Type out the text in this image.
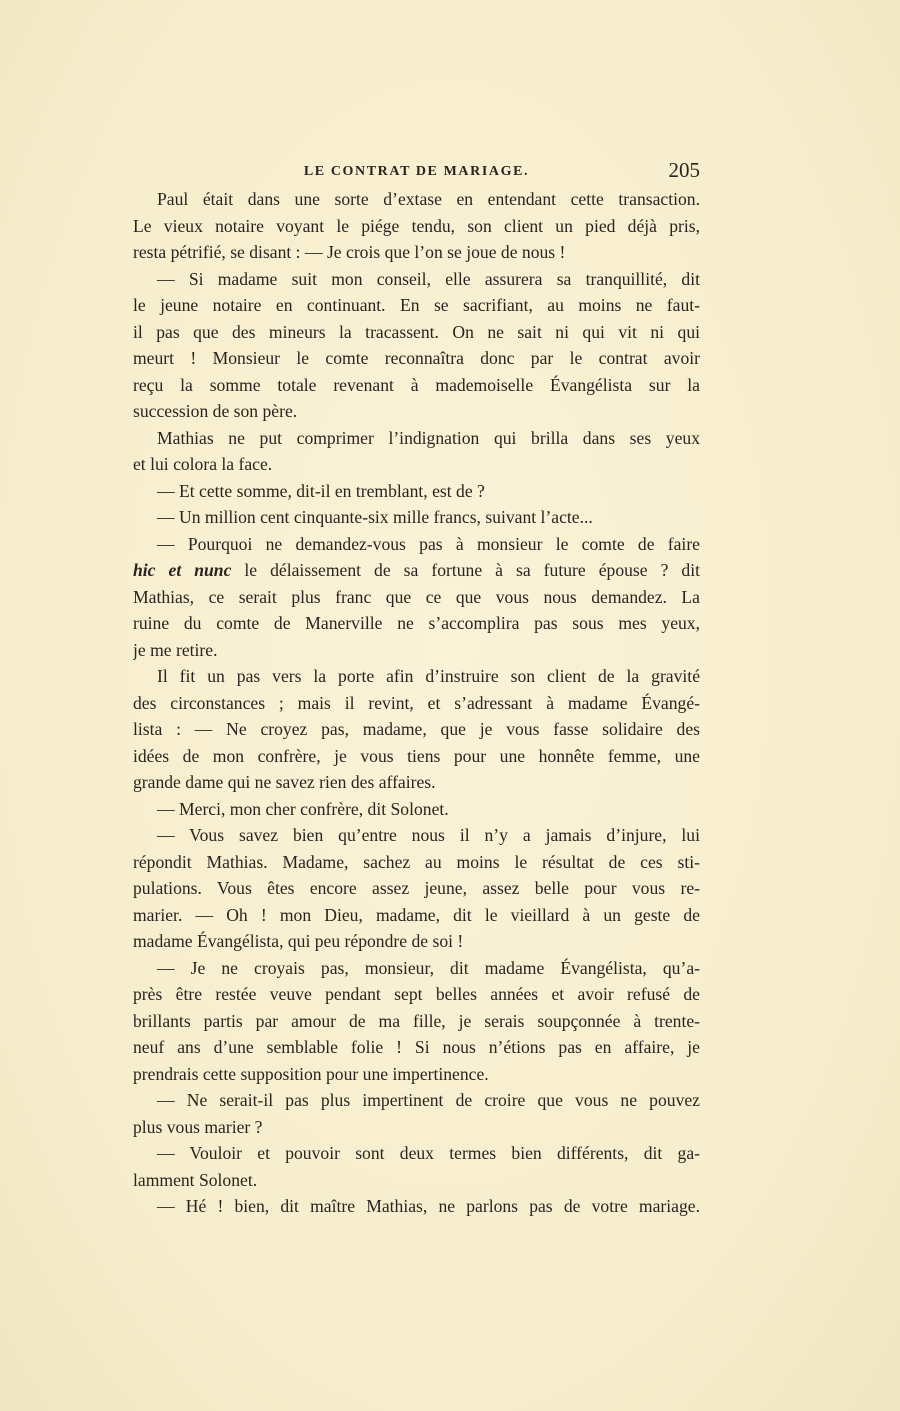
LE CONTRAT DE MARIAGE.	205
Paul était dans une sorte d’extase en entendant cette transaction.
Le vieux notaire voyant le piége tendu, son client un pied déjà pris,
resta pétrifié, se disant : — Je crois que l’on se joue de nous !
— Si madame suit mon conseil, elle assurera sa tranquillité, dit
le jeune notaire en continuant. En se sacrifiant, au moins ne faut-
il pas que des mineurs la tracassent. On ne sait ni qui vit ni qui
meurt ! Monsieur le comte reconnaîtra donc par le contrat avoir
reçu la somme totale revenant à mademoiselle Évangélista sur la
succession de son père.
Mathias ne put comprimer l’indignation qui brilla dans ses yeux
et lui colora la face.
— Et cette somme, dit-il en tremblant, est de ?
— Un million cent cinquante-six mille francs, suivant l’acte...
— Pourquoi ne demandez-vous pas à monsieur le comte de faire
hic et nunc le délaissement de sa fortune à sa future épouse ? dit
Mathias, ce serait plus franc que ce que vous nous demandez. La
ruine du comte de Manerville ne s’accomplira pas sous mes yeux,
je me retire.
Il fit un pas vers la porte afin d’instruire son client de la gravité
des circonstances ; mais il revint, et s’adressant à madame Évangé-
lista : — Ne croyez pas, madame, que je vous fasse solidaire des
idées de mon confrère, je vous tiens pour une honnête femme, une
grande dame qui ne savez rien des affaires.
— Merci, mon cher confrère, dit Solonet.
— Vous savez bien qu’entre nous il n’y a jamais d’injure, lui
répondit Mathias. Madame, sachez au moins le résultat de ces sti-
pulations. Vous êtes encore assez jeune, assez belle pour vous re-
marier. — Oh ! mon Dieu, madame, dit le vieillard à un geste de
madame Évangélista, qui peu répondre de soi !
— Je ne croyais pas, monsieur, dit madame Évangélista, qu’a-
près être restée veuve pendant sept belles années et avoir refusé de
brillants partis par amour de ma fille, je serais soupçonnée à trente-
neuf ans d’une semblable folie ! Si nous n’étions pas en affaire, je
prendrais cette supposition pour une impertinence.
— Ne serait-il pas plus impertinent de croire que vous ne pouvez
plus vous marier ?
— Vouloir et pouvoir sont deux termes bien différents, dit ga-
lamment Solonet.
— Hé ! bien, dit maître Mathias, ne parlons pas de votre mariage.
